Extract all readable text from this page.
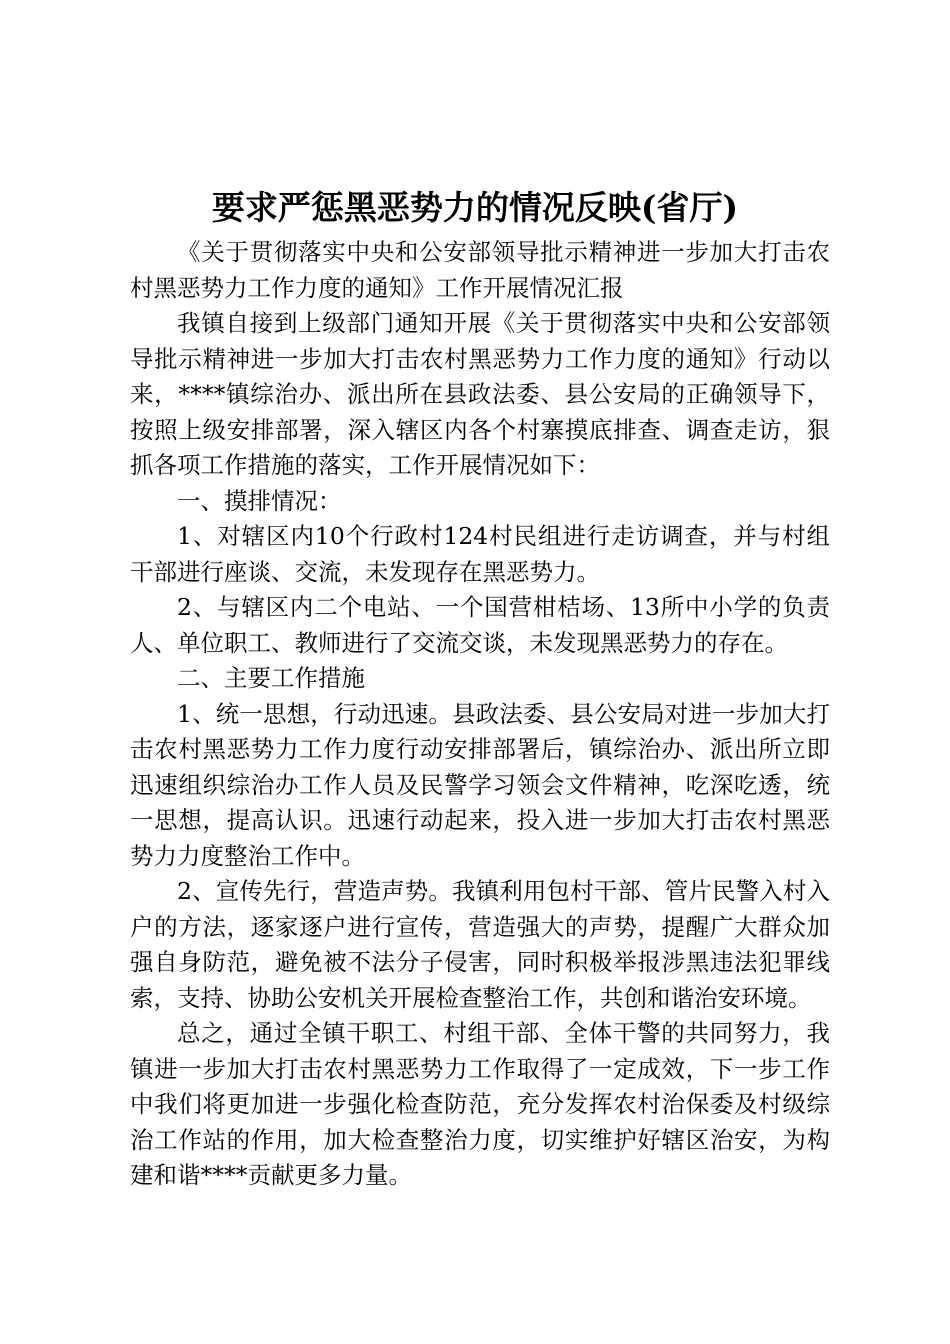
要求严惩黑恶势力的情况反映(省厅)

《关于贯彻落实中央和公安部领导批示精神进一步加大打击农村黑恶势力工作力度的通知》工作开展情况汇报

我镇自接到上级部门通知开展《关于贯彻落实中央和公安部领导批示精神进一步加大打击农村黑恶势力工作力度的通知》行动以来，****镇综治办、派出所在县政法委、县公安局的正确领导下，按照上级安排部署，深入辖区内各个村寨摸底排查、调查走访，狠抓各项工作措施的落实，工作开展情况如下：

一、摸排情况：

1、对辖区内10个行政村124村民组进行走访调查，并与村组干部进行座谈、交流，未发现存在黑恶势力。

2、与辖区内二个电站、一个国营柑桔场、13所中小学的负责人、单位职工、教师进行了交流交谈，未发现黑恶势力的存在。

二、主要工作措施

1、统一思想，行动迅速。县政法委、县公安局对进一步加大打击农村黑恶势力工作力度行动安排部署后，镇综治办、派出所立即迅速组织综治办工作人员及民警学习领会文件精神，吃深吃透，统一思想，提高认识。迅速行动起来，投入进一步加大打击农村黑恶势力力度整治工作中。

2、宣传先行，营造声势。我镇利用包村干部、管片民警入村入户的方法，逐家逐户进行宣传，营造强大的声势，提醒广大群众加强自身防范，避免被不法分子侵害，同时积极举报涉黑违法犯罪线索，支持、协助公安机关开展检查整治工作，共创和谐治安环境。

总之，通过全镇干职工、村组干部、全体干警的共同努力，我镇进一步加大打击农村黑恶势力工作取得了一定成效，下一步工作中我们将更加进一步强化检查防范，充分发挥农村治保委及村级综治工作站的作用，加大检查整治力度，切实维护好辖区治安，为构建和谐****贡献更多力量。
